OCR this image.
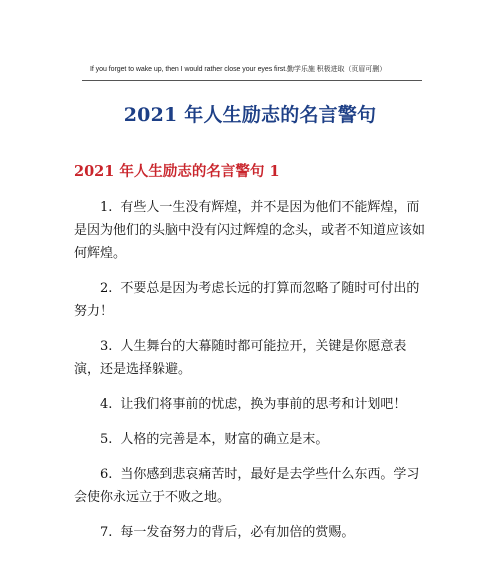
If you forget to wake up, then I would rather close your eyes first.勤学乐施 积极进取（页眉可删）
2021 年人生励志的名言警句
2021 年人生励志的名言警句 1

1. 有些人一生没有辉煌，并不是因为他们不能辉煌，而是因为他们的头脑中没有闪过辉煌的念头，或者不知道应该如何辉煌。

2. 不要总是因为考虑长远的打算而忽略了随时可付出的努力！

3. 人生舞台的大幕随时都可能拉开，关键是你愿意表演，还是选择躲避。

4. 让我们将事前的忧虑，换为事前的思考和计划吧！

5. 人格的完善是本，财富的确立是末。

6. 当你感到悲哀痛苦时，最好是去学些什么东西。学习会使你永远立于不败之地。

7. 每一发奋努力的背后，必有加倍的赏赐。
